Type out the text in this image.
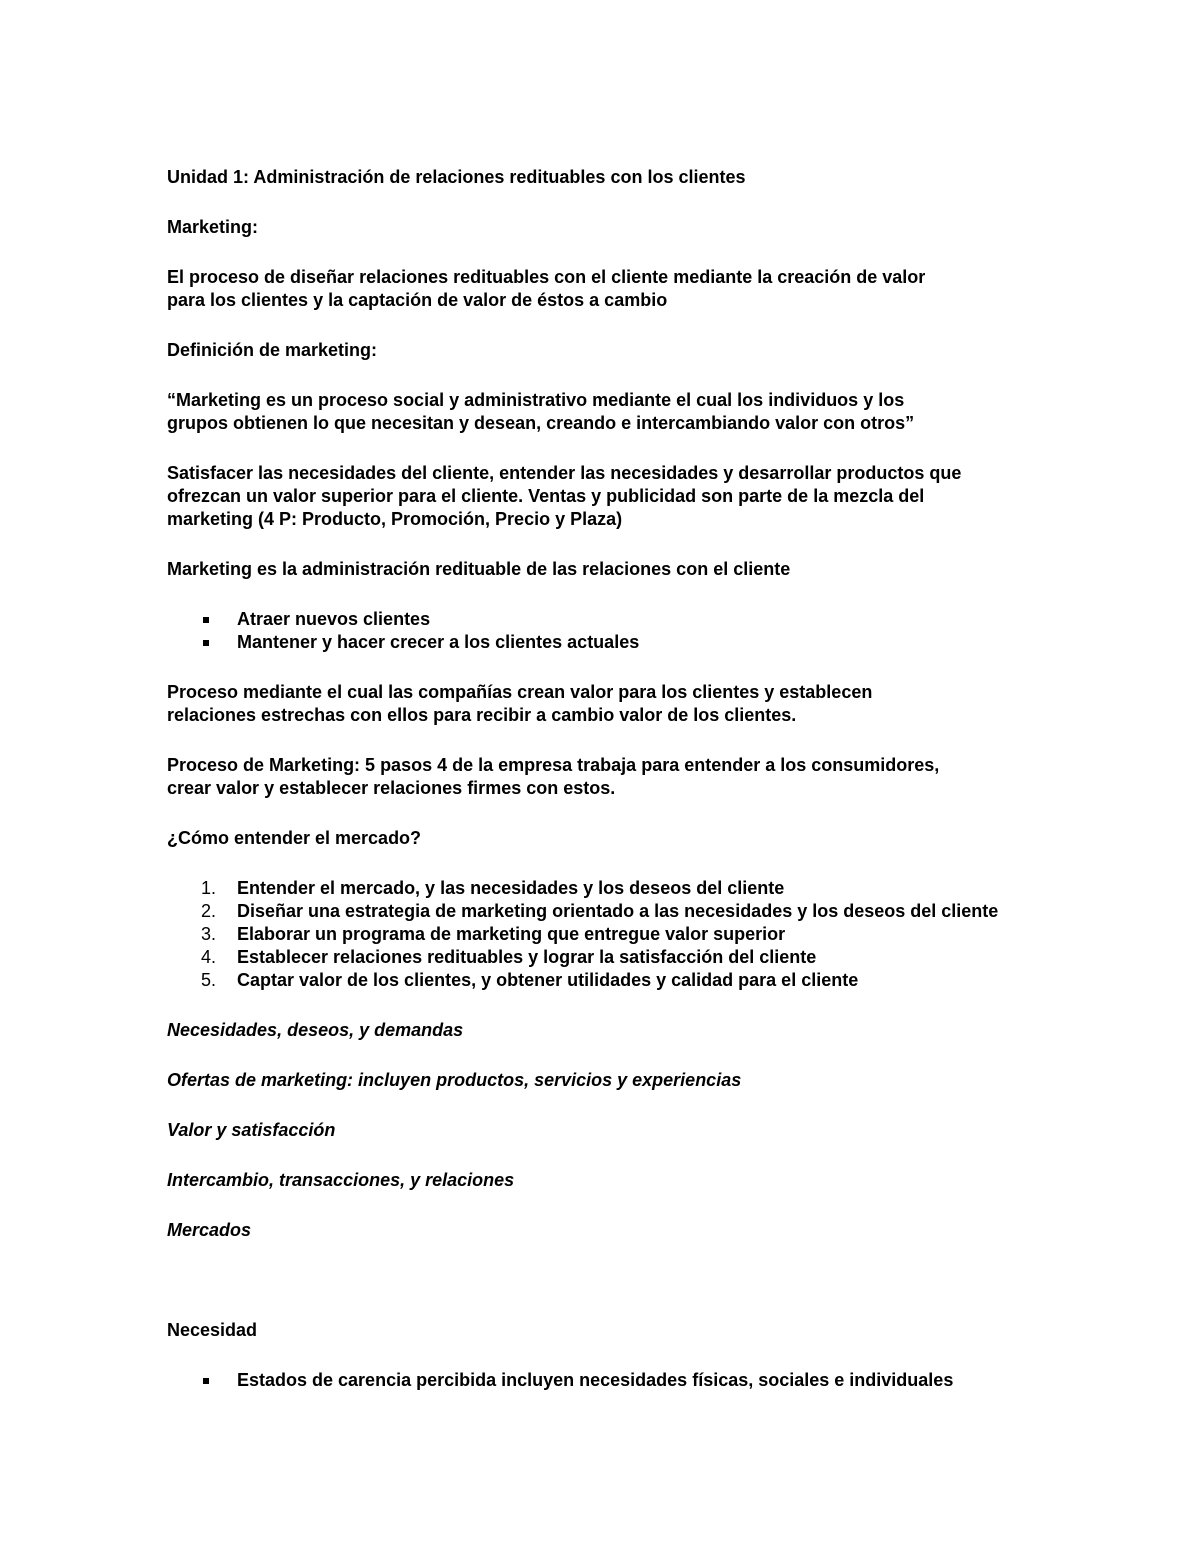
Unidad 1: Administración de relaciones redituables con los clientes

Marketing:

El proceso de diseñar relaciones redituables con el cliente mediante la creación de valor
para los clientes y la captación de valor de éstos a cambio

Definición de marketing:

“Marketing es un proceso social y administrativo mediante el cual los individuos y los
grupos obtienen lo que necesitan y desean, creando e intercambiando valor con otros”

Satisfacer las necesidades del cliente, entender las necesidades y desarrollar productos que
ofrezcan un valor superior para el cliente. Ventas y publicidad son parte de la mezcla del
marketing (4 P: Producto, Promoción, Precio y Plaza)

Marketing es la administración redituable de las relaciones con el cliente

Atraer nuevos clientes
Mantener y hacer crecer a los clientes actuales

Proceso mediante el cual las compañías crean valor para los clientes y establecen
relaciones estrechas con ellos para recibir a cambio valor de los clientes.

Proceso de Marketing: 5 pasos 4 de la empresa trabaja para entender a los consumidores,
crear valor y establecer relaciones firmes con estos.

¿Cómo entender el mercado?

1. Entender el mercado, y las necesidades y los deseos del cliente
2. Diseñar una estrategia de marketing orientado a las necesidades y los deseos del cliente
3. Elaborar un programa de marketing que entregue valor superior
4. Establecer relaciones redituables y lograr la satisfacción del cliente
5. Captar valor de los clientes, y obtener utilidades y calidad para el cliente

Necesidades, deseos, y demandas

Ofertas de marketing: incluyen productos, servicios y experiencias

Valor y satisfacción

Intercambio, transacciones, y relaciones

Mercados

Necesidad

Estados de carencia percibida incluyen necesidades físicas, sociales e individuales
